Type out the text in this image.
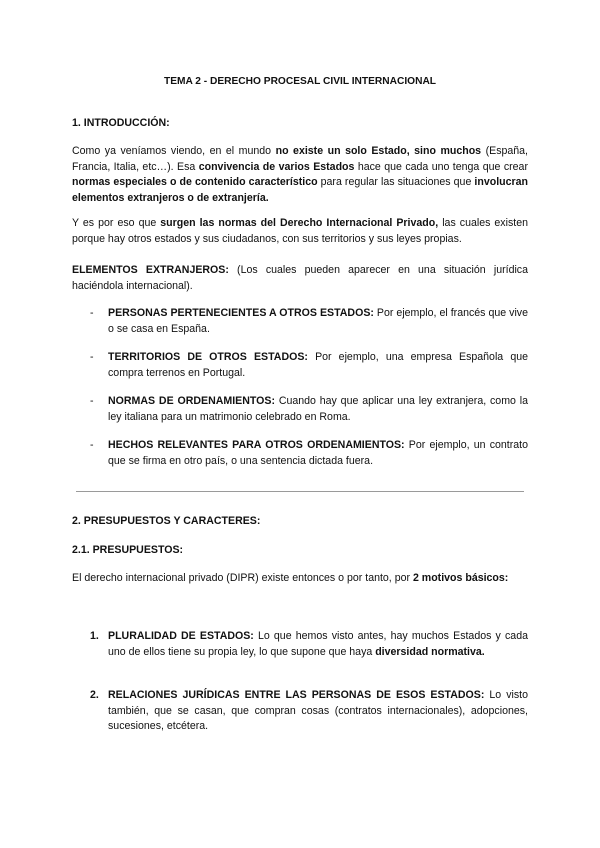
TEMA 2 - DERECHO PROCESAL CIVIL INTERNACIONAL
1. INTRODUCCIÓN:
Como ya veníamos viendo, en el mundo no existe un solo Estado, sino muchos (España, Francia, Italia, etc…). Esa convivencia de varios Estados hace que cada uno tenga que crear normas especiales o de contenido característico para regular las situaciones que involucran elementos extranjeros o de extranjería.
Y es por eso que surgen las normas del Derecho Internacional Privado, las cuales existen porque hay otros estados y sus ciudadanos, con sus territorios y sus leyes propias.
ELEMENTOS EXTRANJEROS: (Los cuales pueden aparecer en una situación jurídica haciéndola internacional).
-	PERSONAS PERTENECIENTES A OTROS ESTADOS: Por ejemplo, el francés que vive o se casa en España.
-	TERRITORIOS DE OTROS ESTADOS: Por ejemplo, una empresa Española que compra terrenos en Portugal.
-	NORMAS DE ORDENAMIENTOS: Cuando hay que aplicar una ley extranjera, como la ley italiana para un matrimonio celebrado en Roma.
-	HECHOS RELEVANTES PARA OTROS ORDENAMIENTOS: Por ejemplo, un contrato que se firma en otro país, o una sentencia dictada fuera.
2. PRESUPUESTOS Y CARACTERES:
2.1. PRESUPUESTOS:
El derecho internacional privado (DIPR) existe entonces o por tanto, por 2 motivos básicos:
1. PLURALIDAD DE ESTADOS: Lo que hemos visto antes, hay muchos Estados y cada uno de ellos tiene su propia ley, lo que supone que haya diversidad normativa.
2. RELACIONES JURÍDICAS ENTRE LAS PERSONAS DE ESOS ESTADOS: Lo visto también, que se casan, que compran cosas (contratos internacionales), adopciones, sucesiones, etcétera.
